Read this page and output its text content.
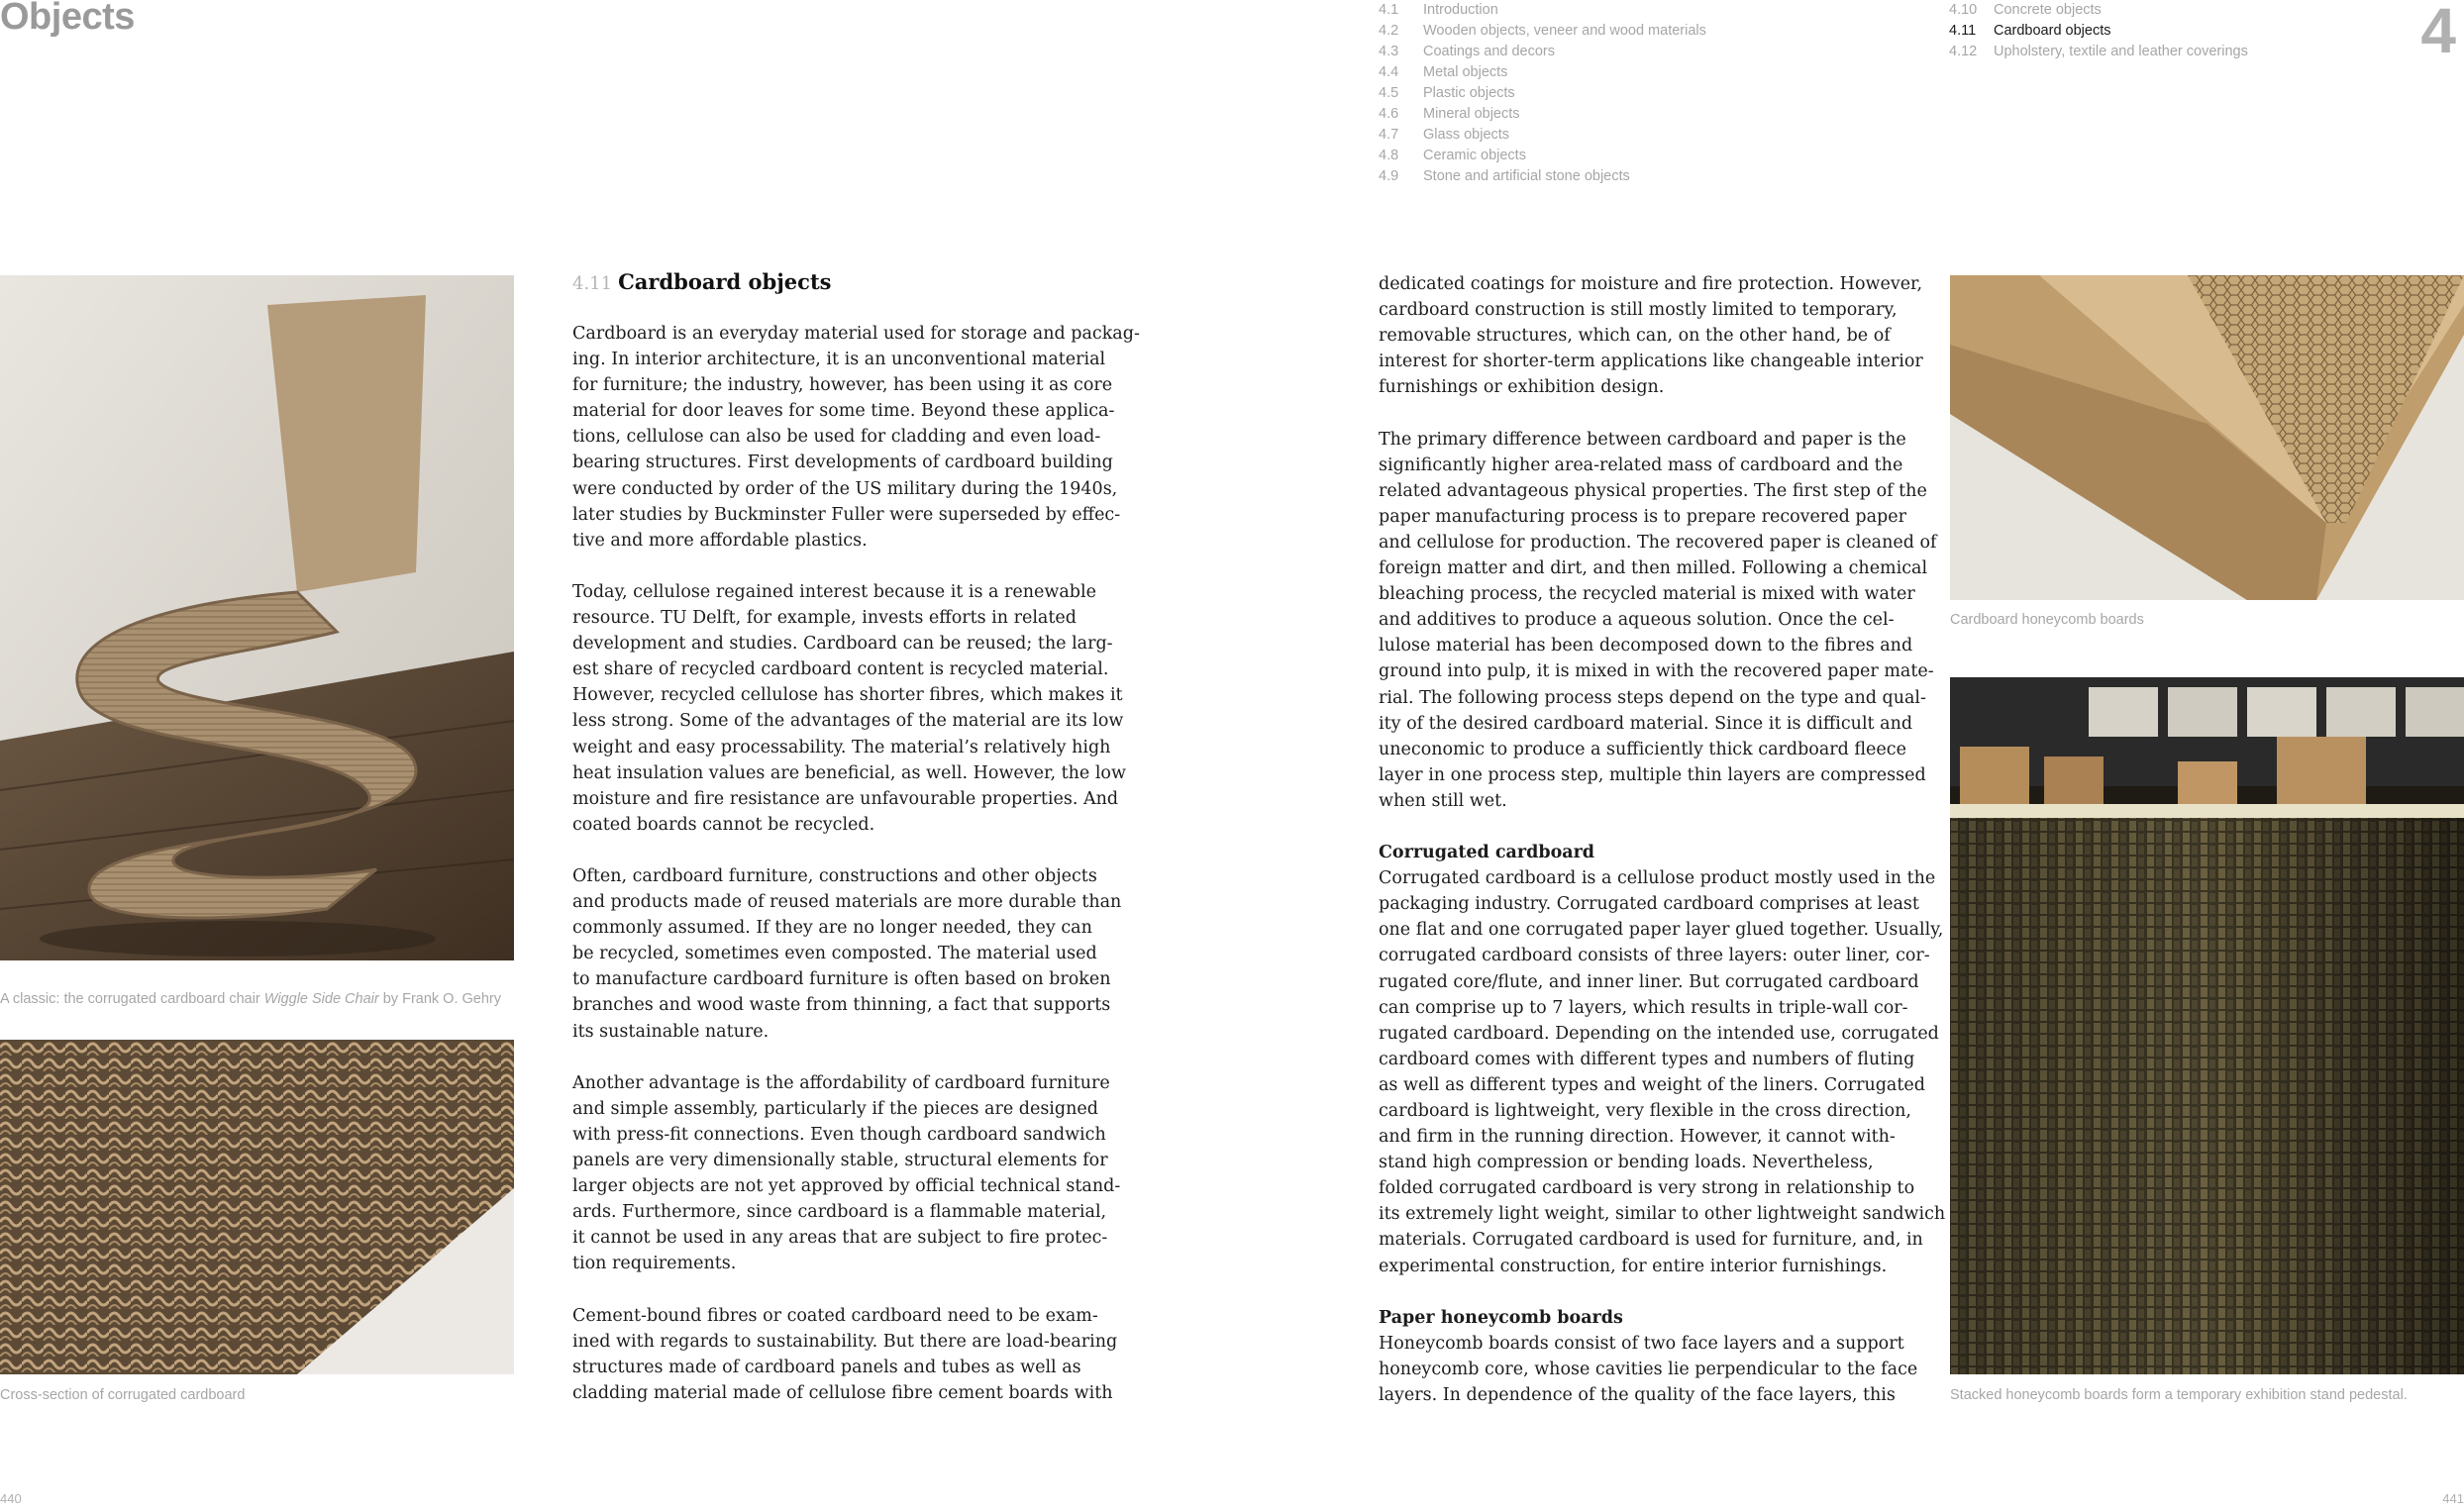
Objects	4
4.1 Introduction
4.2 Wooden objects, veneer and wood materials
4.3 Coatings and decors
4.4 Metal objects
4.5 Plastic objects
4.6 Mineral objects
4.7 Glass objects
4.8 Ceramic objects
4.9 Stone and artificial stone objects
4.10 Concrete objects
4.11 Cardboard objects
4.12 Upholstery, textile and leather coverings
A classic: the corrugated cardboard chair Wiggle Side Chair by Frank O. Gehry
Cross-section of corrugated cardboard
4.11 Cardboard objects

Cardboard is an everyday material used for storage and packag-
ing. In interior architecture, it is an unconventional material
for furniture; the industry, however, has been using it as core
material for door leaves for some time. Beyond these applica-
tions, cellulose can also be used for cladding and even load-
bearing structures. First developments of cardboard building
were conducted by order of the US military during the 1940s,
later studies by Buckminster Fuller were superseded by effec-
tive and more affordable plastics.

Today, cellulose regained interest because it is a renewable
resource. TU Delft, for example, invests efforts in related
development and studies. Cardboard can be reused; the larg-
est share of recycled cardboard content is recycled material.
However, recycled cellulose has shorter fibres, which makes it
less strong. Some of the advantages of the material are its low
weight and easy processability. The material’s relatively high
heat insulation values are beneficial, as well. However, the low
moisture and fire resistance are unfavourable properties. And
coated boards cannot be recycled.

Often, cardboard furniture, constructions and other objects
and products made of reused materials are more durable than
commonly assumed. If they are no longer needed, they can
be recycled, sometimes even composted. The material used
to manufacture cardboard furniture is often based on broken
branches and wood waste from thinning, a fact that supports
its sustainable nature.

Another advantage is the affordability of cardboard furniture
and simple assembly, particularly if the pieces are designed
with press-fit connections. Even though cardboard sandwich
panels are very dimensionally stable, structural elements for
larger objects are not yet approved by official technical stand-
ards. Furthermore, since cardboard is a flammable material,
it cannot be used in any areas that are subject to fire protec-
tion requirements.

Cement-bound fibres or coated cardboard need to be exam-
ined with regards to sustainability. But there are load-bearing
structures made of cardboard panels and tubes as well as
cladding material made of cellulose fibre cement boards with

dedicated coatings for moisture and fire protection. However,
cardboard construction is still mostly limited to temporary,
removable structures, which can, on the other hand, be of
interest for shorter-term applications like changeable interior
furnishings or exhibition design.

The primary difference between cardboard and paper is the
significantly higher area-related mass of cardboard and the
related advantageous physical properties. The first step of the
paper manufacturing process is to prepare recovered paper
and cellulose for production. The recovered paper is cleaned of
foreign matter and dirt, and then milled. Following a chemical
bleaching process, the recycled material is mixed with water
and additives to produce a aqueous solution. Once the cel-
lulose material has been decomposed down to the fibres and
ground into pulp, it is mixed in with the recovered paper mate-
rial. The following process steps depend on the type and qual-
ity of the desired cardboard material. Since it is difficult and
uneconomic to produce a sufficiently thick cardboard fleece
layer in one process step, multiple thin layers are compressed
when still wet.

Corrugated cardboard
Corrugated cardboard is a cellulose product mostly used in the
packaging industry. Corrugated cardboard comprises at least
one flat and one corrugated paper layer glued together. Usually,
corrugated cardboard consists of three layers: outer liner, cor-
rugated core/flute, and inner liner. But corrugated cardboard
can comprise up to 7 layers, which results in triple-wall cor-
rugated cardboard. Depending on the intended use, corrugated
cardboard comes with different types and numbers of fluting
as well as different types and weight of the liners. Corrugated
cardboard is lightweight, very flexible in the cross direction,
and firm in the running direction. However, it cannot with-
stand high compression or bending loads. Nevertheless,
folded corrugated cardboard is very strong in relationship to
its extremely light weight, similar to other lightweight sandwich
materials. Corrugated cardboard is used for furniture, and, in
experimental construction, for entire interior furnishings.

Paper honeycomb boards
Honeycomb boards consist of two face layers and a support
honeycomb core, whose cavities lie perpendicular to the face
layers. In dependence of the quality of the face layers, this

Cardboard honeycomb boards
Stacked honeycomb boards form a temporary exhibition stand pedestal.
440	441
